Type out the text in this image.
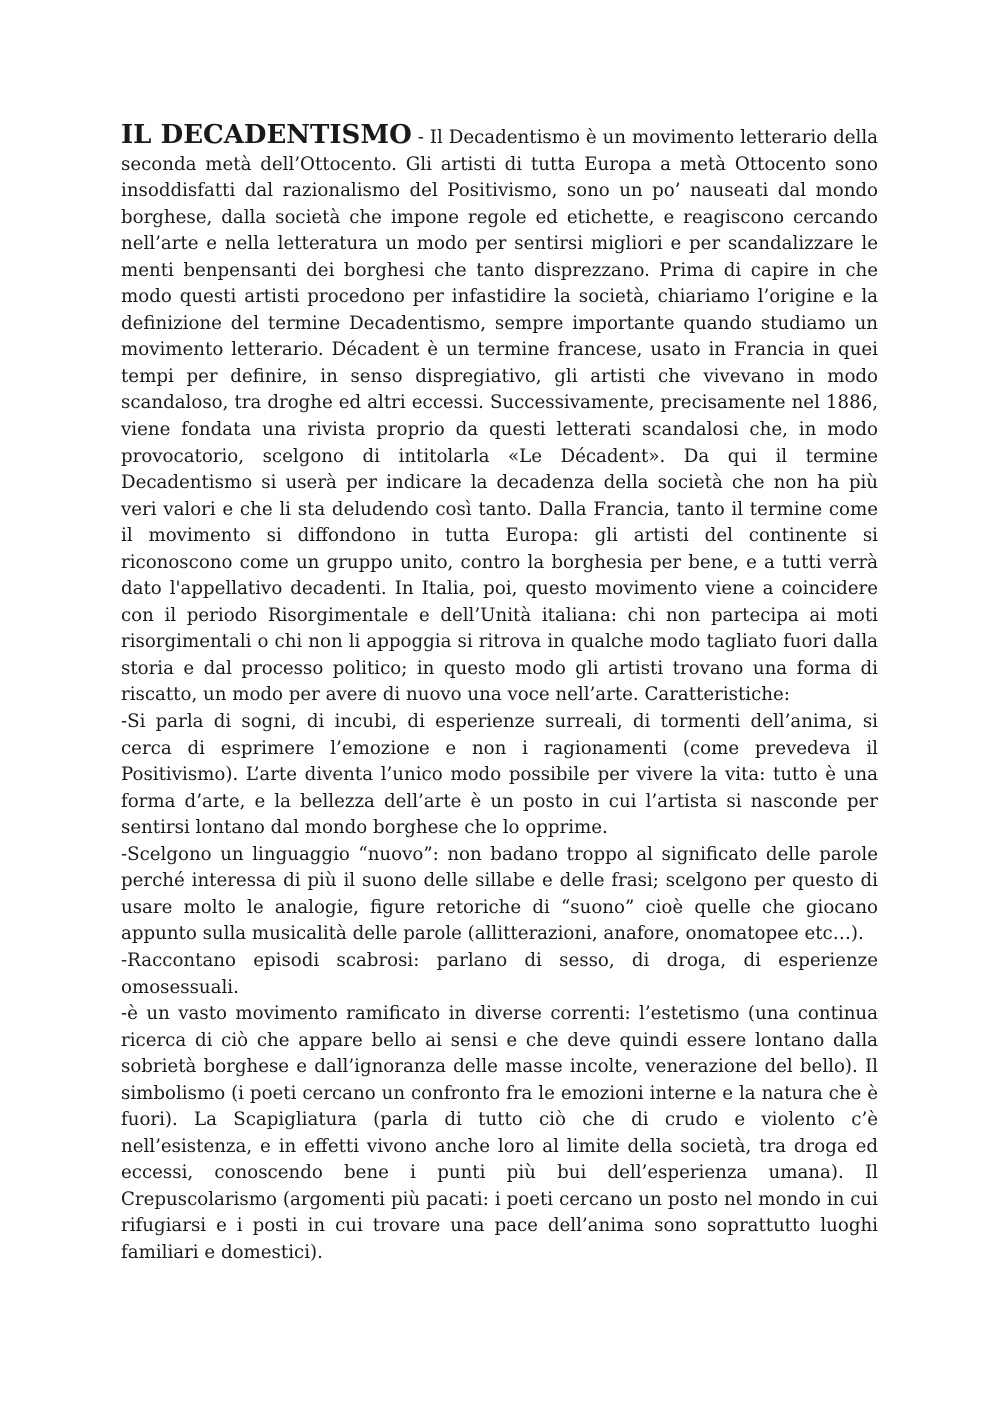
IL DECADENTISMO - Il Decadentismo è un movimento letterario della seconda metà dell’Ottocento. Gli artisti di tutta Europa a metà Ottocento sono insoddisfatti dal razionalismo del Positivismo, sono un po’ nauseati dal mondo borghese, dalla società che impone regole ed etichette, e reagiscono cercando nell’arte e nella letteratura un modo per sentirsi migliori e per scandalizzare le menti benpensanti dei borghesi che tanto disprezzano. Prima di capire in che modo questi artisti procedono per infastidire la società, chiariamo l’origine e la definizione del termine Decadentismo, sempre importante quando studiamo un movimento letterario. Décadent è un termine francese, usato in Francia in quei tempi per definire, in senso dispregiativo, gli artisti che vivevano in modo scandaloso, tra droghe ed altri eccessi. Successivamente, precisamente nel 1886, viene fondata una rivista proprio da questi letterati scandalosi che, in modo provocatorio, scelgono di intitolarla «Le Décadent». Da qui il termine Decadentismo si userà per indicare la decadenza della società che non ha più veri valori e che li sta deludendo così tanto. Dalla Francia, tanto il termine come il movimento si diffondono in tutta Europa: gli artisti del continente si riconoscono come un gruppo unito, contro la borghesia per bene, e a tutti verrà dato l'appellativo decadenti. In Italia, poi, questo movimento viene a coincidere con il periodo Risorgimentale e dell’Unità italiana: chi non partecipa ai moti risorgimentali o chi non li appoggia si ritrova in qualche modo tagliato fuori dalla storia e dal processo politico; in questo modo gli artisti trovano una forma di riscatto, un modo per avere di nuovo una voce nell’arte. Caratteristiche:

-Si parla di sogni, di incubi, di esperienze surreali, di tormenti dell’anima, si cerca di esprimere l’emozione e non i ragionamenti (come prevedeva il Positivismo). L’arte diventa l’unico modo possibile per vivere la vita: tutto è una forma d’arte, e la bellezza dell’arte è un posto in cui l’artista si nasconde per sentirsi lontano dal mondo borghese che lo opprime.

-Scelgono un linguaggio “nuovo”: non badano troppo al significato delle parole perché interessa di più il suono delle sillabe e delle frasi; scelgono per questo di usare molto le analogie, figure retoriche di “suono” cioè quelle che giocano appunto sulla musicalità delle parole (allitterazioni, anafore, onomatopee etc…).

-Raccontano episodi scabrosi: parlano di sesso, di droga, di esperienze omosessuali.

-è un vasto movimento ramificato in diverse correnti: l’estetismo (una continua ricerca di ciò che appare bello ai sensi e che deve quindi essere lontano dalla sobrietà borghese e dall’ignoranza delle masse incolte, venerazione del bello). Il simbolismo (i poeti cercano un confronto fra le emozioni interne e la natura che è fuori). La Scapigliatura (parla di tutto ciò che di crudo e violento c’è nell’esistenza, e in effetti vivono anche loro al limite della società, tra droga ed eccessi, conoscendo bene i punti più bui dell’esperienza umana). Il Crepuscolarismo (argomenti più pacati: i poeti cercano un posto nel mondo in cui rifugiarsi e i posti in cui trovare una pace dell’anima sono soprattutto luoghi familiari e domestici).
